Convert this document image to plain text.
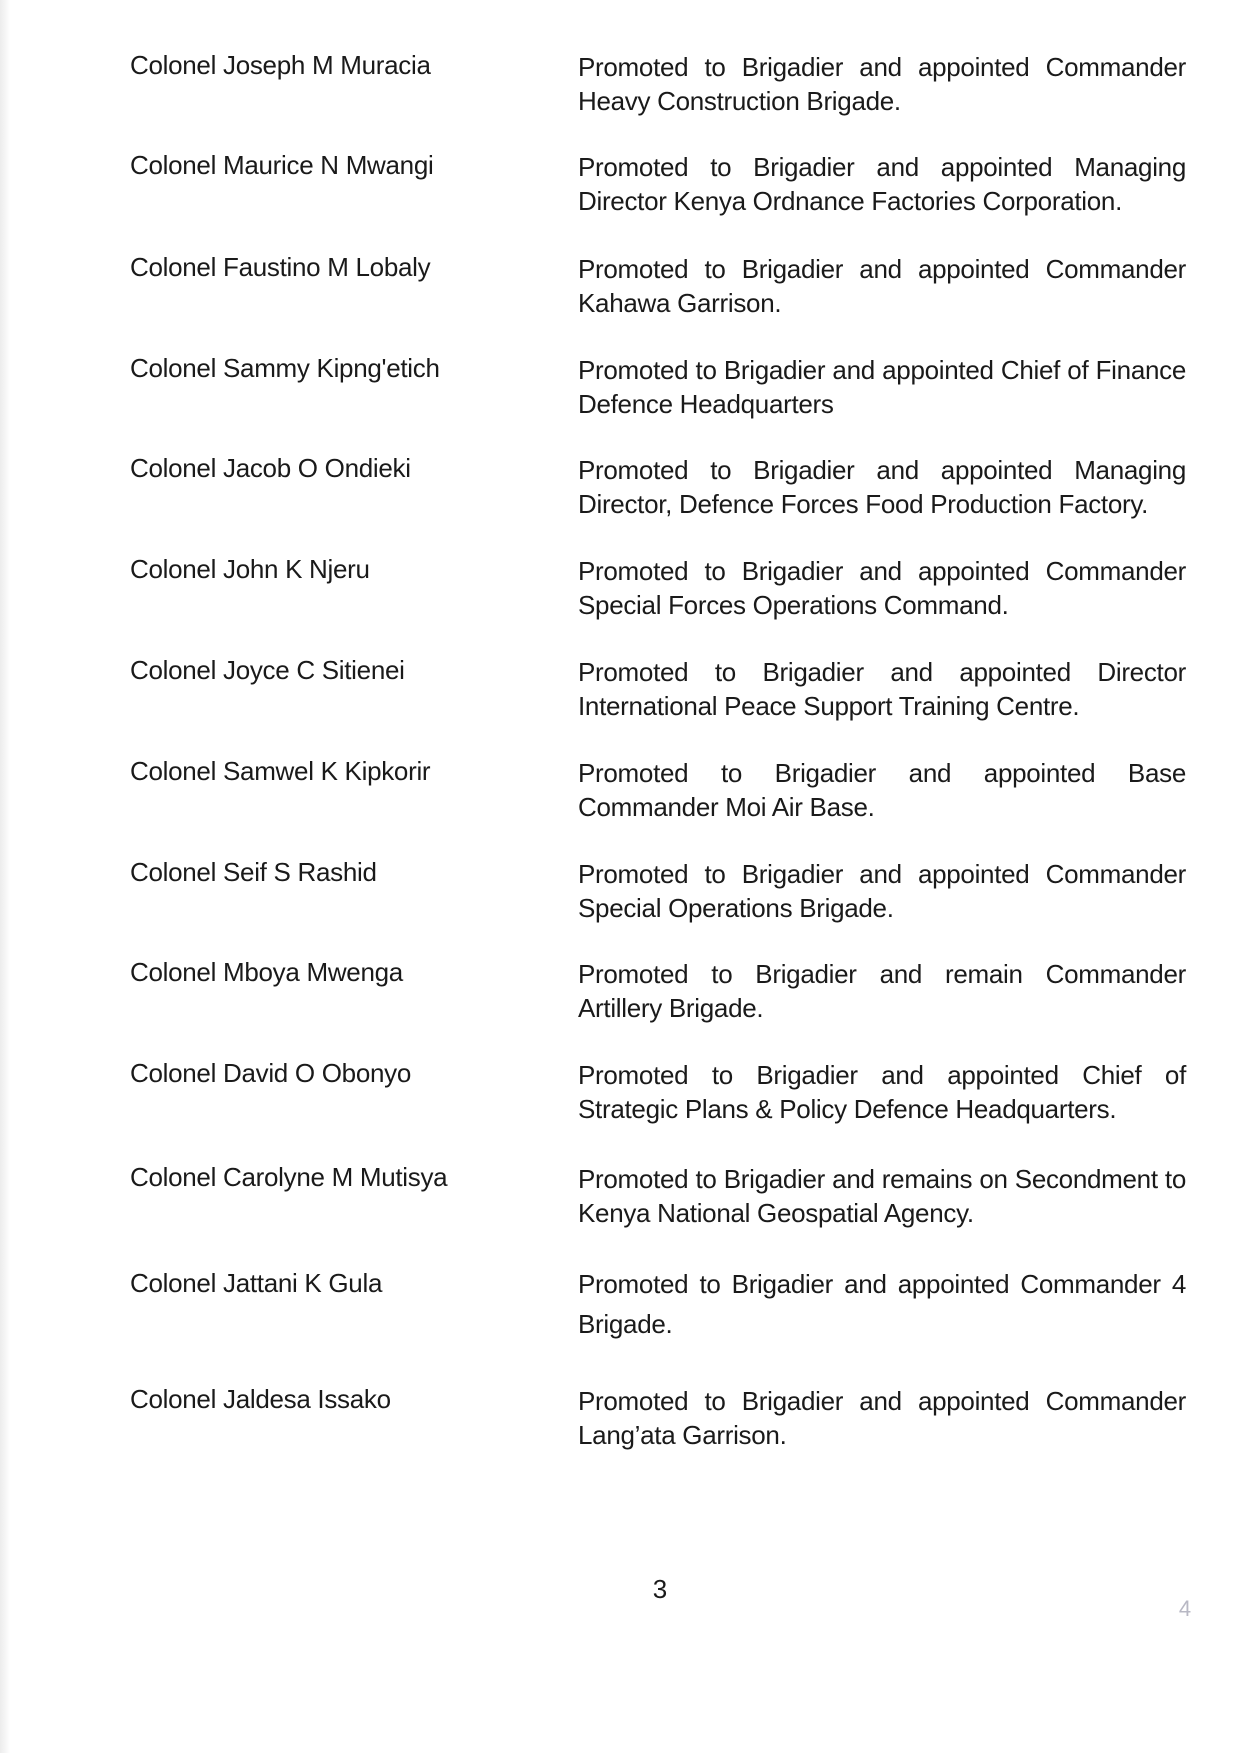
Colonel Joseph M Muracia	Promoted to Brigadier and appointed Commander Heavy Construction Brigade.
Colonel Maurice N Mwangi	Promoted to Brigadier and appointed Managing Director Kenya Ordnance Factories Corporation.
Colonel Faustino M Lobaly	Promoted to Brigadier and appointed Commander Kahawa Garrison.
Colonel Sammy Kipng'etich	Promoted to Brigadier and appointed Chief of Finance Defence Headquarters
Colonel Jacob O Ondieki	Promoted to Brigadier and appointed Managing Director, Defence Forces Food Production Factory.
Colonel John K Njeru	Promoted to Brigadier and appointed Commander Special Forces Operations Command.
Colonel Joyce C Sitienei	Promoted to Brigadier and appointed Director International Peace Support Training Centre.
Colonel Samwel K Kipkorir	Promoted to Brigadier and appointed Base Commander Moi Air Base.
Colonel Seif S Rashid	Promoted to Brigadier and appointed Commander Special Operations Brigade.
Colonel Mboya Mwenga	Promoted to Brigadier and remain Commander Artillery Brigade.
Colonel David O Obonyo	Promoted to Brigadier and appointed Chief of Strategic Plans & Policy Defence Headquarters.
Colonel Carolyne M Mutisya	Promoted to Brigadier and remains on Secondment to Kenya National Geospatial Agency.
Colonel Jattani K Gula	Promoted to Brigadier and appointed Commander 4 Brigade.
Colonel Jaldesa Issako	Promoted to Brigadier and appointed Commander Lang’ata Garrison.
3
4
